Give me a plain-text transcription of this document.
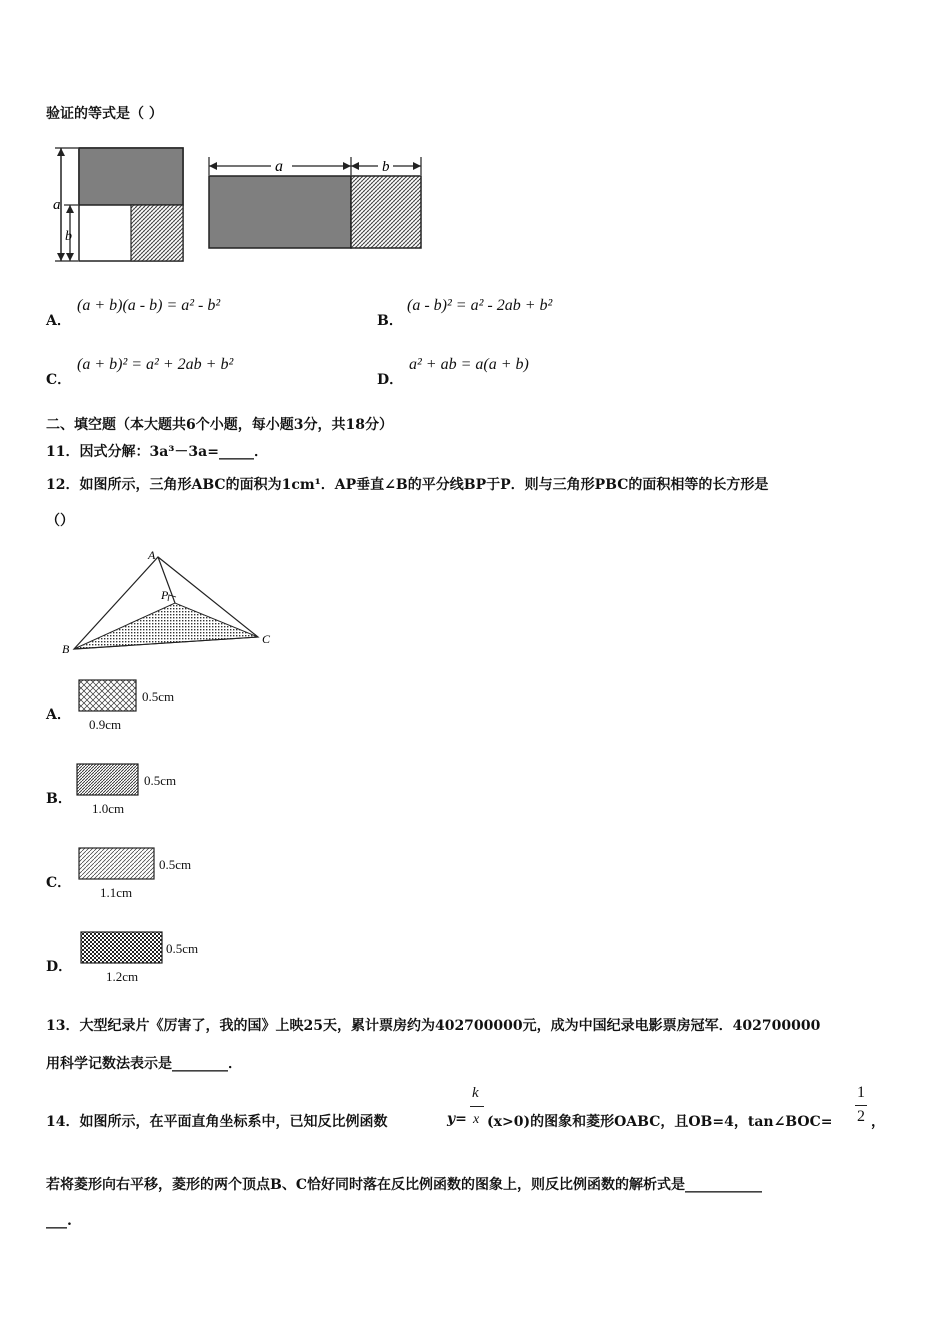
验证的等式是（ ）
a
b
a	b
A．
(a + b)(a - b) = a² - b²
B．
(a - b)² = a² - 2ab + b²
C．
(a + b)² = a² + 2ab + b²
D．
a² + ab = a(a + b)
二、填空题（本大题共6个小题，每小题3分，共18分）
11．因式分解：3a³－3a=_____．
12．如图所示，三角形ABC的面积为1cm¹．AP垂直∠B的平分线BP于P．则与三角形PBC的面积相等的长方形是
（）
A
P
B
C
A．
0.5cm
0.9cm
B．
0.5cm
1.0cm
C．
0.5cm
1.1cm
D．
0.5cm
1.2cm
13．大型纪录片《厉害了，我的国》上映25天，累计票房约为402700000元，成为中国纪录电影票房冠军．402700000
用科学记数法表示是________．
14．如图所示，在平面直角坐标系中，已知反比例函数	y=
k
x (x>0)的图象和菱形OABC，且OB=4，tan∠BOC=
1
2 ，
若将菱形向右平移，菱形的两个顶点B、C恰好同时落在反比例函数的图象上，则反比例函数的解析式是___________
___.
